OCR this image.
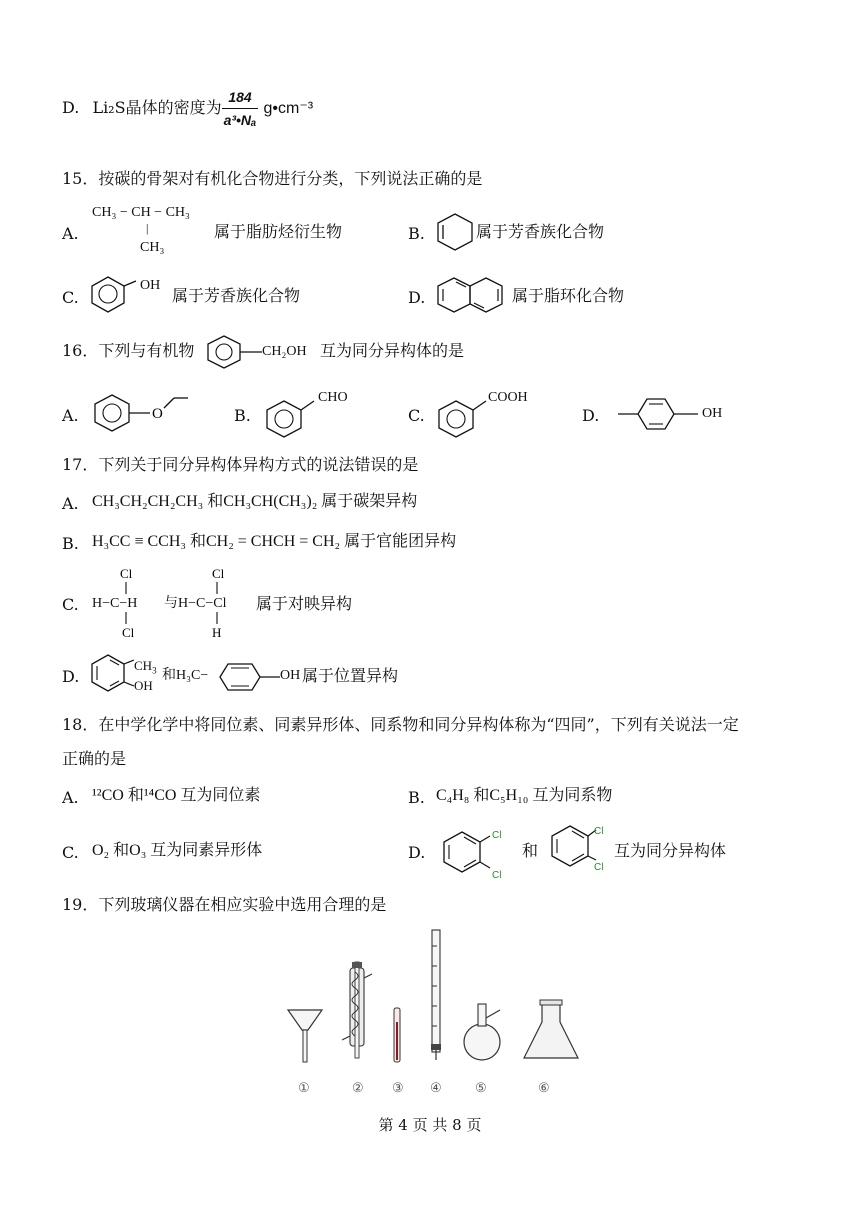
D. Li₂S晶体的密度为 $\frac{184}{\text{a³•Nₐ}}$ g•cm⁻³
15．按碳的骨架对有机化合物进行分类，下列说法正确的是
A.
CH₃ − CH − CH₃
|
CH₃
属于脂肪烃衍生物	B.	属于芳香族化合物
C.
OH
属于芳香族化合物	D.	属于脂环化合物
16．下列与有机物	CH₂OH 互为同分异构体的是
A.	O	B.
CHO
C.
COOH
D.	OH
17．下列关于同分异构体异构方式的说法错误的是
A. CH₃CH₂CH₂CH₃ 和CH₃CH(CH₃)₂ 属于碳架异构
B. H₃CC ≡ CCH₃ 和CH₂ = CHCH = CH₂ 属于官能团异构
C.
Cl
Cl
Cl
H
H−C−H 与H−C−Cl 属于对映异构
D.
$CH_3$
OH
和H₃C−	OH 属于位置异构
18．在中学化学中将同位素、同素异形体、同系物和同分异构体称为“四同”，下列有关说法一定
正确的是
A. ¹²CO 和¹⁴CO 互为同位素	B. C₄H₈ 和C₅H₁₀ 互为同系物
C. O₂ 和O₃ 互为同素异形体	D.
Cl
Cl
和
Cl
Cl
互为同分异构体
19．下列玻璃仪器在相应实验中选用合理的是
①	② ③ ④	⑤	⑥
第 4 页 共 8 页
